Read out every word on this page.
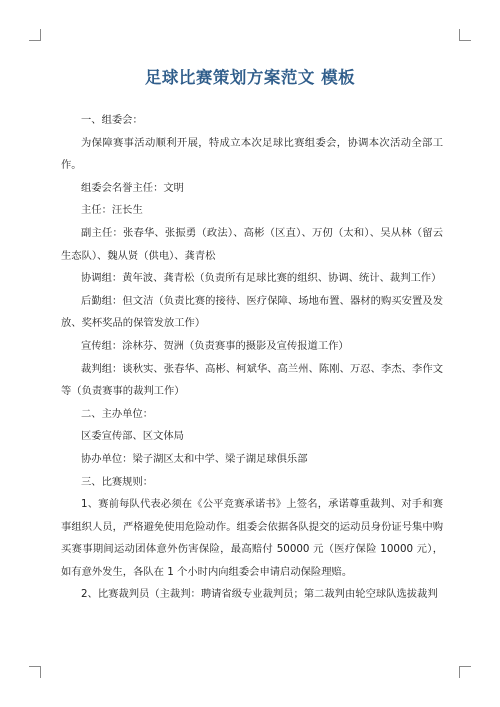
足球比赛策划方案范文 模板

一、组委会：

为保障赛事活动顺利开展，特成立本次足球比赛组委会，协调本次活动全部工作。

组委会名誉主任：文明

主任：汪长生

副主任：张春华、张振勇（政法）、高彬（区直）、万仞（太和）、吴从林（留云生态队）、魏从贤（供电）、龚青松

协调组：黄年波、龚青松（负责所有足球比赛的组织、协调、统计、裁判工作）

后勤组：但文洁（负责比赛的接待、医疗保障、场地布置、器材的购买安置及发放、奖杯奖品的保管发放工作）

宣传组：涂林芬、贺洲（负责赛事的摄影及宣传报道工作）

裁判组：谈秋实、张春华、高彬、柯斌华、高兰州、陈刚、万忍、李杰、李作文等（负责赛事的裁判工作）

二、主办单位：

区委宣传部、区文体局

协办单位：梁子湖区太和中学、梁子湖足球俱乐部

三、比赛规则：

1、赛前每队代表必须在《公平竞赛承诺书》上签名，承诺尊重裁判、对手和赛事组织人员，严格避免使用危险动作。组委会依据各队提交的运动员身份证号集中购买赛事期间运动团体意外伤害保险，最高赔付 50000 元（医疗保险 10000 元），如有意外发生，各队在 1 个小时内向组委会申请启动保险理赔。

2、比赛裁判员（主裁判：聘请省级专业裁判员；第二裁判由轮空球队选拔裁判
